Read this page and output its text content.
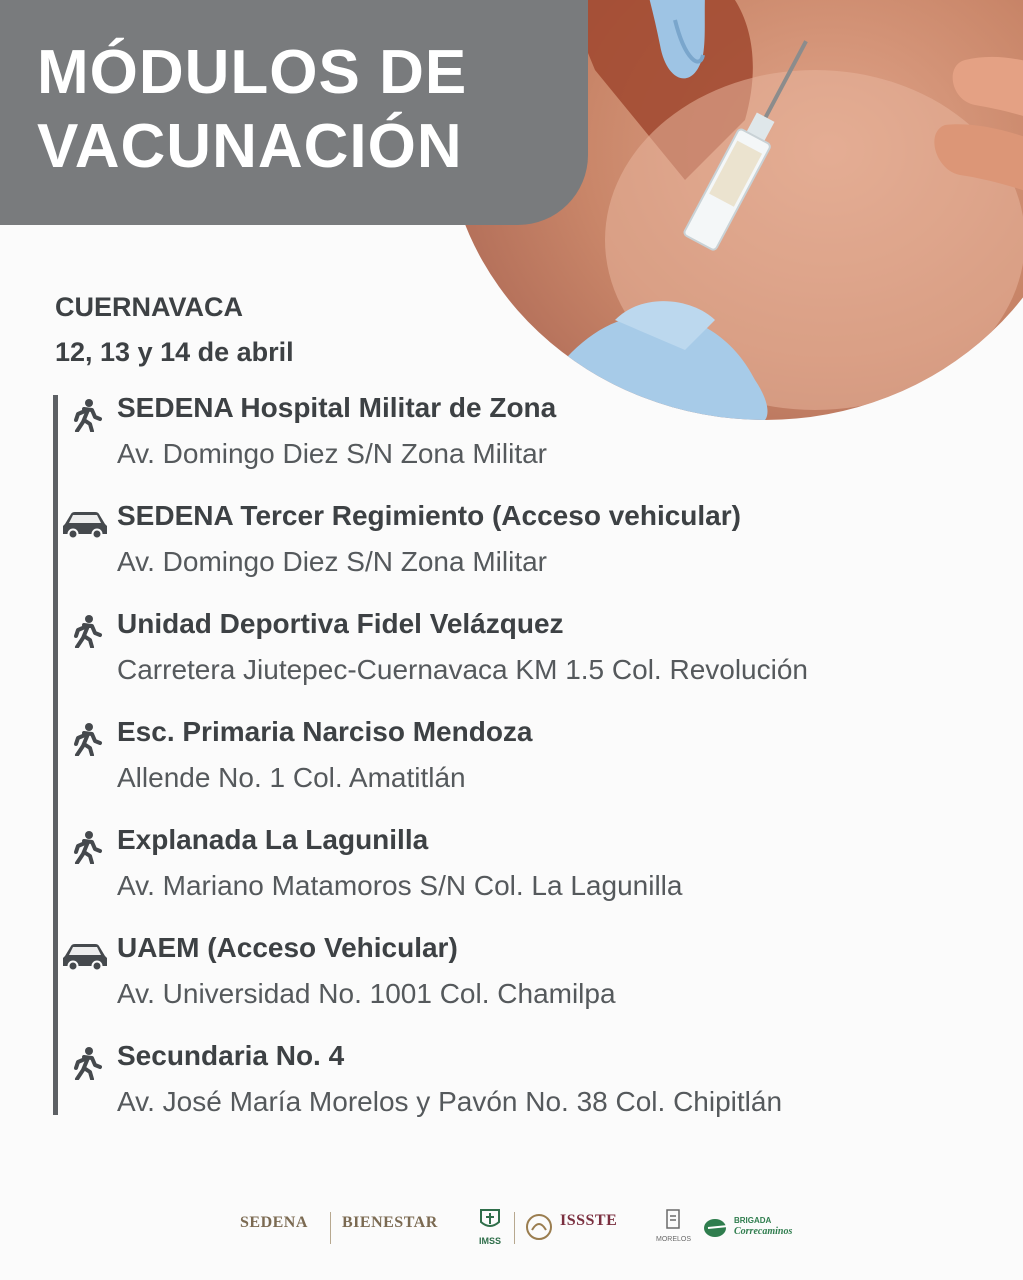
MÓDULOS DE
VACUNACIÓN

CUERNAVACA

12, 13 y 14 de abril

SEDENA Hospital Militar de Zona

Av. Domingo Diez S/N Zona Militar

SEDENA Tercer Regimiento (Acceso vehicular)

Av. Domingo Diez S/N Zona Militar

Unidad Deportiva Fidel Velázquez

Carretera Jiutepec-Cuernavaca KM 1.5 Col. Revolución

Esc. Primaria Narciso Mendoza

Allende No. 1 Col. Amatitlán

Explanada La Lagunilla

Av. Mariano Matamoros S/N Col. La Lagunilla

UAEM (Acceso Vehicular)

Av. Universidad No. 1001 Col. Chamilpa

Secundaria No. 4

Av. José María Morelos y Pavón No. 38 Col. Chipitlán

SEDENA BIENESTAR
IMSS
ISSSTE
MORELOS
BRIGADA
Correcaminos
